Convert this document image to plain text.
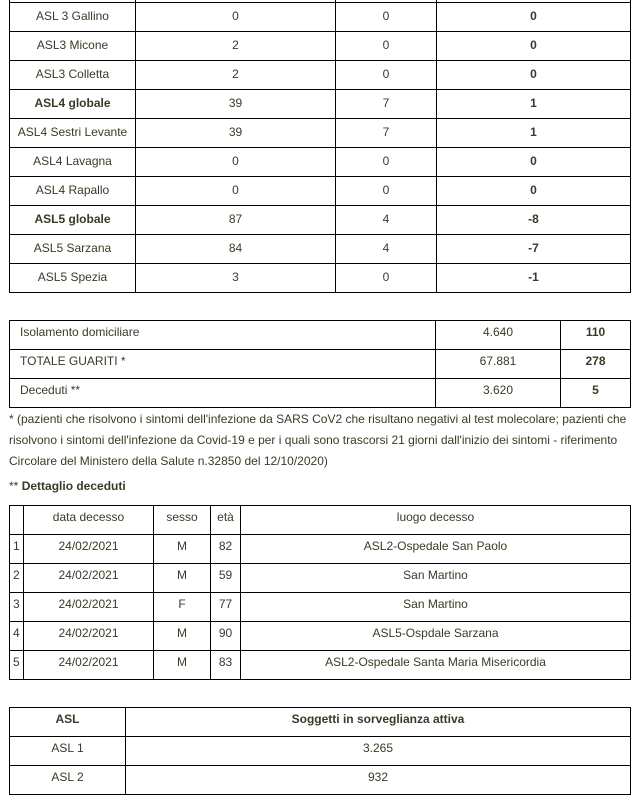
ASL 3 Gallino	0	0	0
ASL3 Micone	2	0	0
ASL3 Colletta	2	0	0
ASL4 globale	39	7	1
ASL4 Sestri Levante	39	7	1
ASL4 Lavagna	0	0	0
ASL4 Rapallo	0	0	0
ASL5 globale	87	4	-8
ASL5 Sarzana	84	4	-7
ASL5 Spezia	3	0	-1
Isolamento domiciliare	4.640	110
TOTALE GUARITI *	67.881	278
Deceduti **	3.620	5
* (pazienti che risolvono i sintomi dell'infezione da SARS CoV2 che risultano negativi al test molecolare; pazienti che risolvono i sintomi dell'infezione da Covid-19 e per i quali sono trascorsi 21 giorni dall'inizio dei sintomi - riferimento Circolare del Ministero della Salute n.32850 del 12/10/2020)
** Dettaglio deceduti
	data decesso	sesso	età	luogo decesso
1	24/02/2021	M	82	ASL2-Ospedale San Paolo
2	24/02/2021	M	59	San Martino
3	24/02/2021	F	77	San Martino
4	24/02/2021	M	90	ASL5-Ospdale Sarzana
5	24/02/2021	M	83	ASL2-Ospedale Santa Maria Misericordia
ASL	Soggetti in sorveglianza attiva
ASL 1	3.265
ASL 2	932
